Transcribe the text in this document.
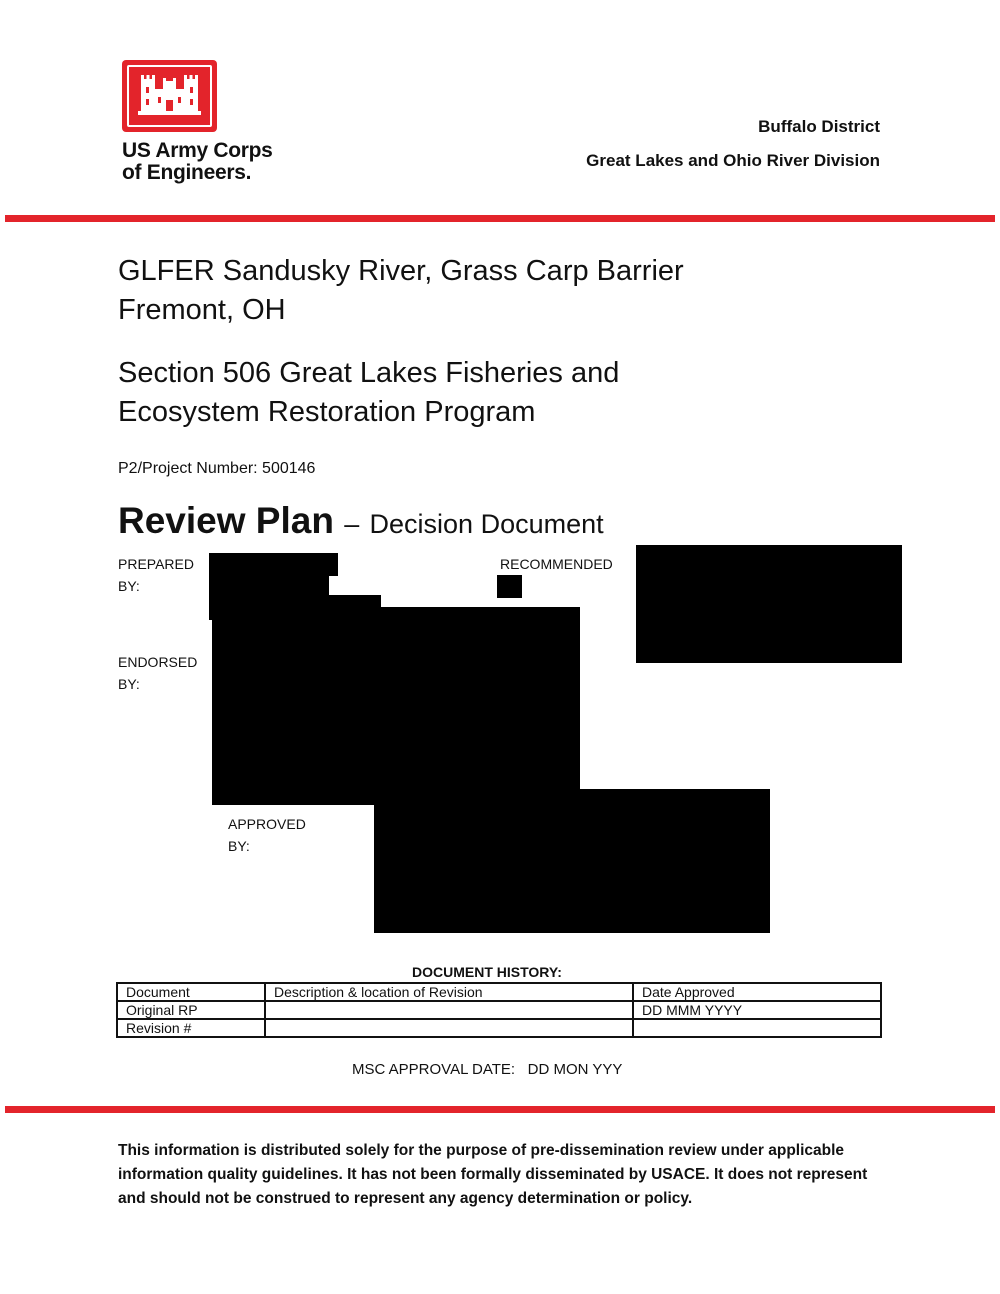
US Army Corps
of Engineers.
Buffalo District
Great Lakes and Ohio River Division
GLFER Sandusky River, Grass Carp Barrier
Fremont, OH
Section 506 Great Lakes Fisheries and
Ecosystem Restoration Program
P2/Project Number: 500146
Review Plan – Decision Document
PREPARED
BY:
RECOMMENDED
ENDORSED
BY:
APPROVED
BY:
DOCUMENT HISTORY:
Document	Description & location of Revision	Date Approved
Original RP		DD MMM YYYY
Revision #		
MSC APPROVAL DATE: DD MON YYY
This information is distributed solely for the purpose of pre-dissemination review under applicable information quality guidelines. It has not been formally disseminated by USACE. It does not represent and should not be construed to represent any agency determination or policy.
